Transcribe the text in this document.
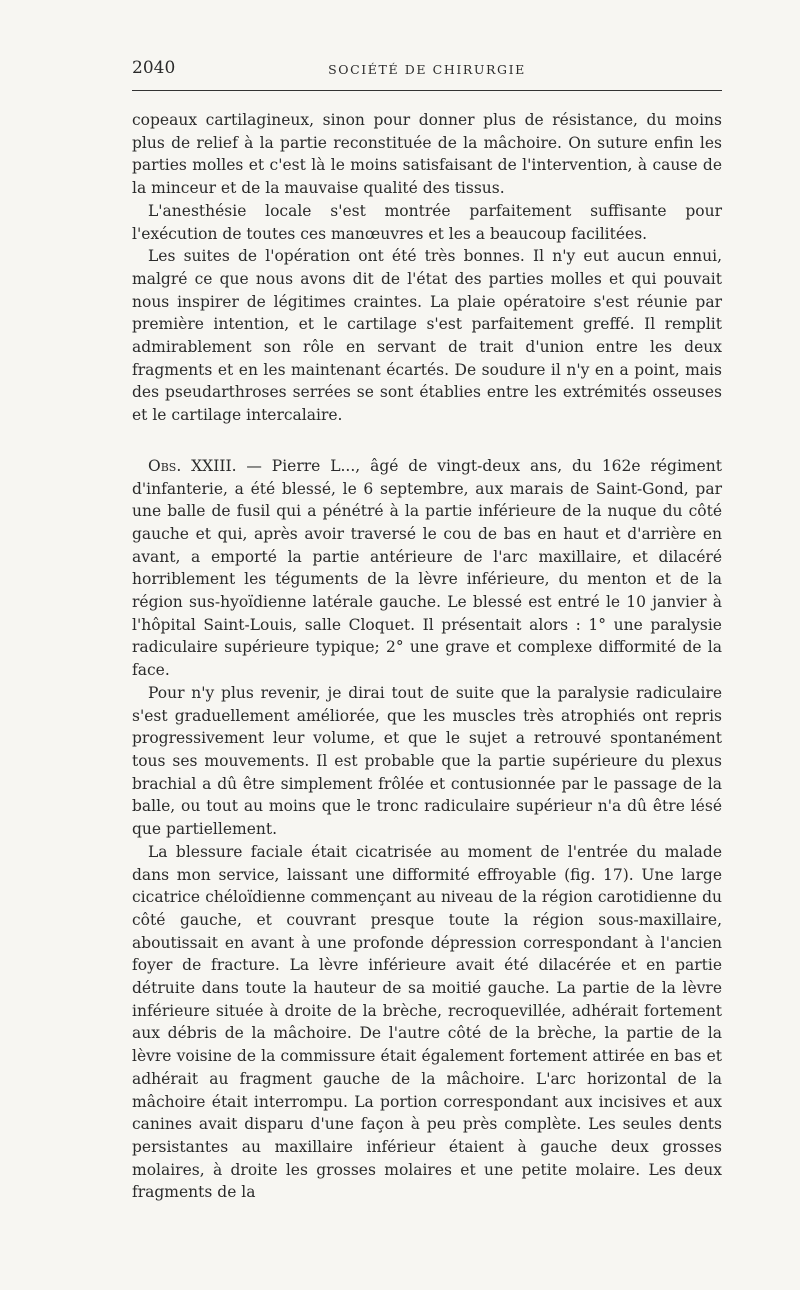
2040	SOCIÉTÉ DE CHIRURGIE

copeaux cartilagineux, sinon pour donner plus de résistance, du moins plus de relief à la partie reconstituée de la mâchoire. On suture enfin les parties molles et c'est là le moins satisfaisant de l'intervention, à cause de la minceur et de la mauvaise qualité des tissus.

L'anesthésie locale s'est montrée parfaitement suffisante pour l'exécution de toutes ces manœuvres et les a beaucoup facilitées.

Les suites de l'opération ont été très bonnes. Il n'y eut aucun ennui, malgré ce que nous avons dit de l'état des parties molles et qui pouvait nous inspirer de légitimes craintes. La plaie opératoire s'est réunie par première intention, et le cartilage s'est parfaitement greffé. Il remplit admirablement son rôle en servant de trait d'union entre les deux fragments et en les maintenant écartés. De soudure il n'y en a point, mais des pseudarthroses serrées se sont établies entre les extrémités osseuses et le cartilage intercalaire.

Obs. XXIII. — Pierre L..., âgé de vingt-deux ans, du 162e régiment d'infanterie, a été blessé, le 6 septembre, aux marais de Saint-Gond, par une balle de fusil qui a pénétré à la partie inférieure de la nuque du côté gauche et qui, après avoir traversé le cou de bas en haut et d'arrière en avant, a emporté la partie antérieure de l'arc maxillaire, et dilacéré horriblement les téguments de la lèvre inférieure, du menton et de la région sus-hyoïdienne latérale gauche. Le blessé est entré le 10 janvier à l'hôpital Saint-Louis, salle Cloquet. Il présentait alors : 1° une paralysie radiculaire supérieure typique; 2° une grave et complexe difformité de la face.

Pour n'y plus revenir, je dirai tout de suite que la paralysie radiculaire s'est graduellement améliorée, que les muscles très atrophiés ont repris progressivement leur volume, et que le sujet a retrouvé spontanément tous ses mouvements. Il est probable que la partie supérieure du plexus brachial a dû être simplement frôlée et contusionnée par le passage de la balle, ou tout au moins que le tronc radiculaire supérieur n'a dû être lésé que partiellement.

La blessure faciale était cicatrisée au moment de l'entrée du malade dans mon service, laissant une difformité effroyable (fig. 17). Une large cicatrice chéloïdienne commençant au niveau de la région carotidienne du côté gauche, et couvrant presque toute la région sous-maxillaire, aboutissait en avant à une profonde dépression correspondant à l'ancien foyer de fracture. La lèvre inférieure avait été dilacérée et en partie détruite dans toute la hauteur de sa moitié gauche. La partie de la lèvre inférieure située à droite de la brèche, recroquevillée, adhérait fortement aux débris de la mâchoire. De l'autre côté de la brèche, la partie de la lèvre voisine de la commissure était également fortement attirée en bas et adhérait au fragment gauche de la mâchoire. L'arc horizontal de la mâchoire était interrompu. La portion correspondant aux incisives et aux canines avait disparu d'une façon à peu près complète. Les seules dents persistantes au maxillaire inférieur étaient à gauche deux grosses molaires, à droite les grosses molaires et une petite molaire. Les deux fragments de la
